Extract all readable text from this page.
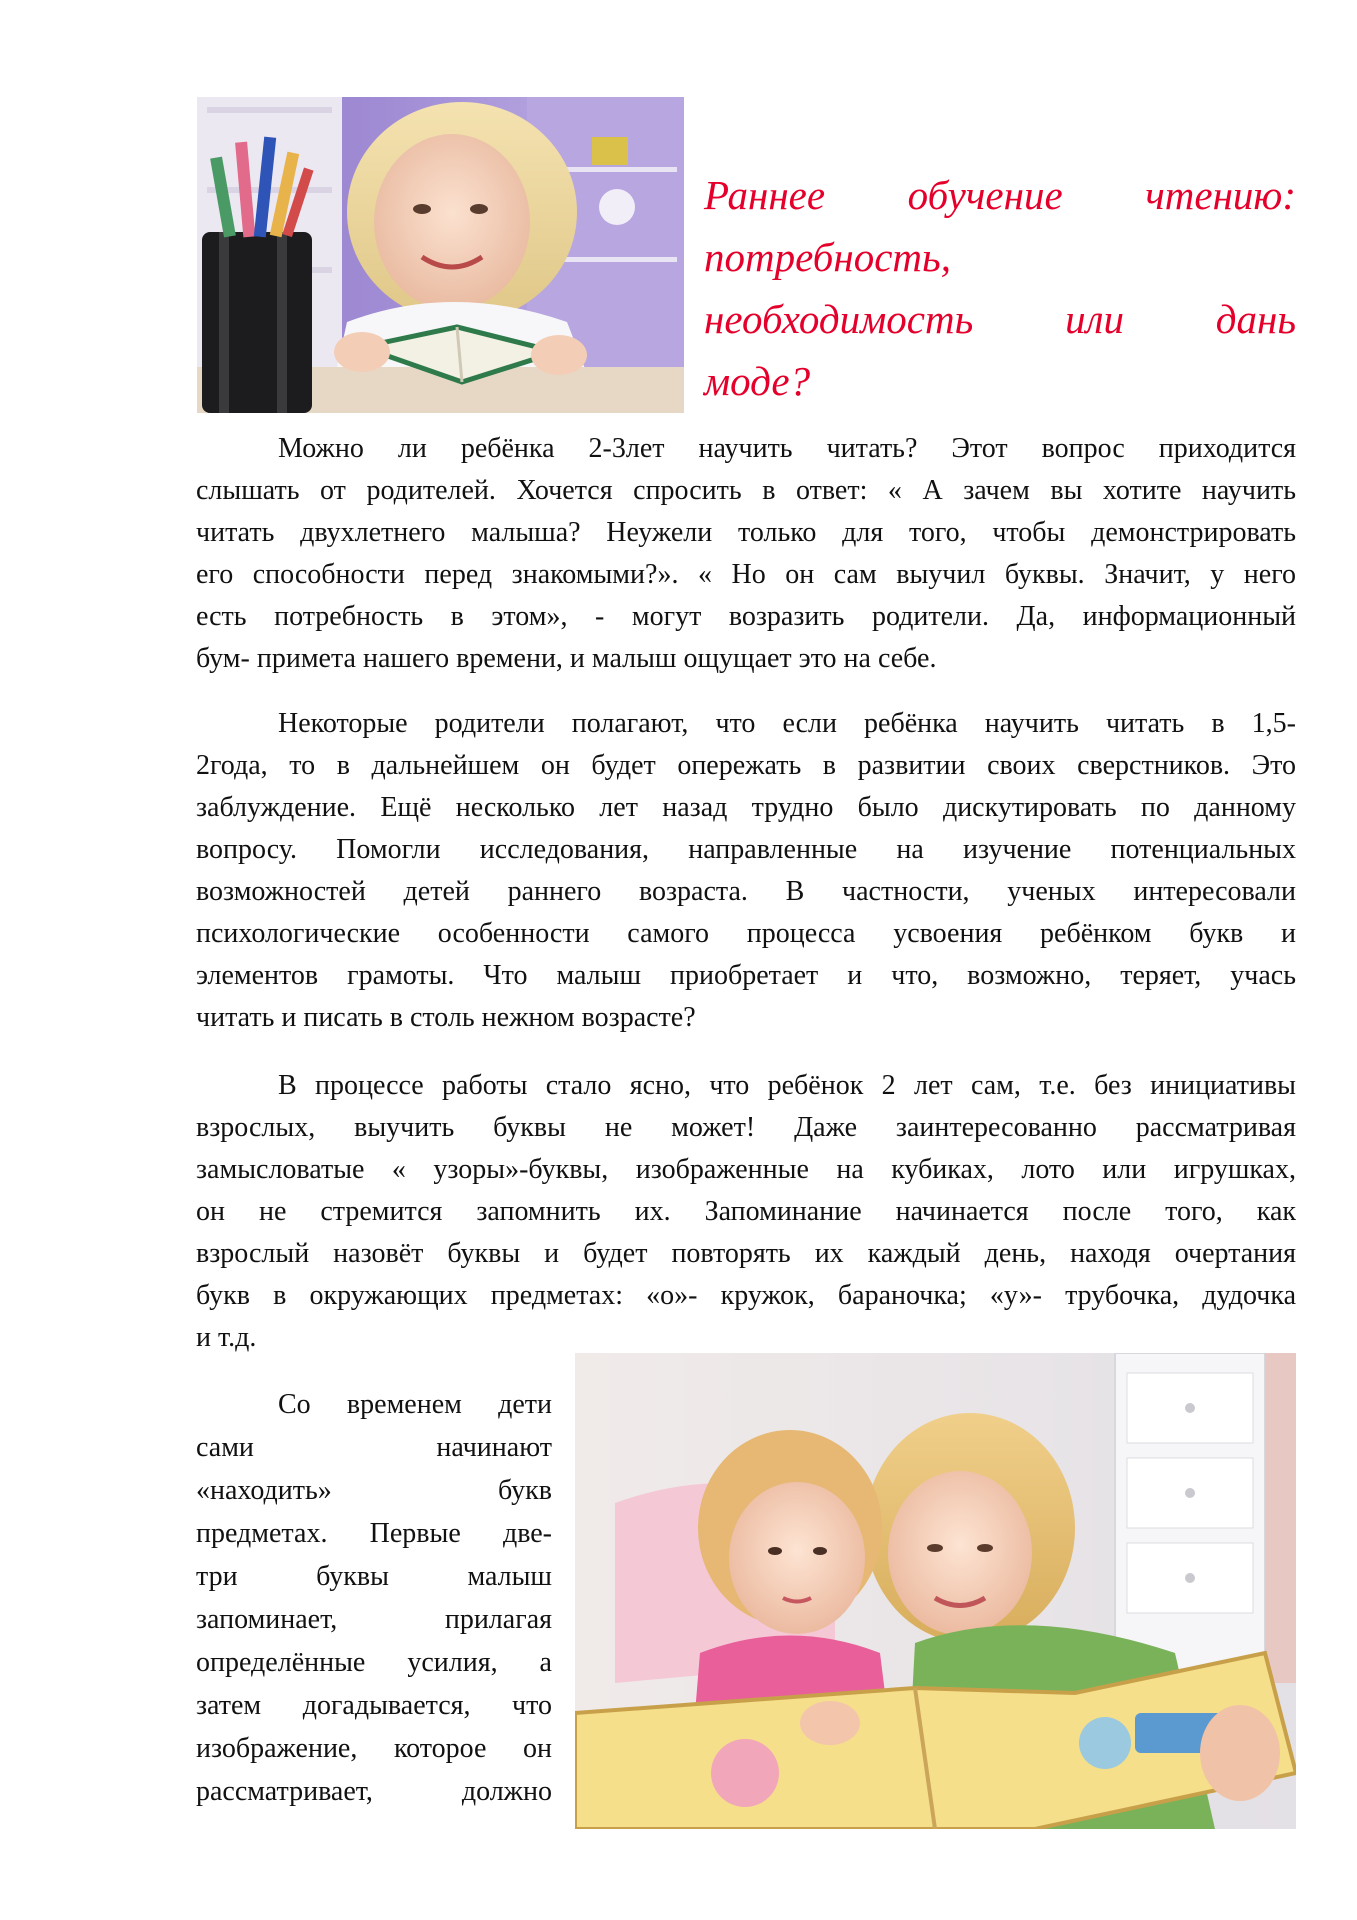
Раннее обучение чтению:
потребность,
необходимость или дань
моде?
Можно ли ребёнка 2-3лет научить читать? Этот вопрос приходится
слышать от родителей. Хочется спросить в ответ: « А зачем вы хотите научить
читать двухлетнего малыша? Неужели только для того, чтобы демонстрировать
его способности перед знакомыми?». « Но он сам выучил буквы. Значит, у него
есть потребность в этом», - могут возразить родители. Да, информационный
бум- примета нашего времени, и малыш ощущает это на себе.
Некоторые родители полагают, что если ребёнка научить читать в 1,5-
2года, то в дальнейшем он будет опережать в развитии своих сверстников. Это
заблуждение. Ещё несколько лет назад трудно было дискутировать по данному
вопросу. Помогли исследования, направленные на изучение потенциальных
возможностей детей раннего возраста. В частности, ученых интересовали
психологические особенности самого процесса усвоения ребёнком букв и
элементов грамоты. Что малыш приобретает и что, возможно, теряет, учась
читать и писать в столь нежном возрасте?
В процессе работы стало ясно, что ребёнок 2 лет сам, т.е. без инициативы
взрослых, выучить буквы не может! Даже заинтересованно рассматривая
замысловатые « узоры»-буквы, изображенные на кубиках, лото или игрушках,
он не стремится запомнить их. Запоминание начинается после того, как
взрослый назовёт буквы и будет повторять их каждый день, находя очертания
букв в окружающих предметах: «о»- кружок, бараночка; «у»- трубочка, дудочка
и т.д.
Со временем дети
сами начинают
«находить» букв
предметах. Первые две-
три буквы малыш
запоминает, прилагая
определённые усилия, а
затем догадывается, что
изображение, которое он
рассматривает, должно
